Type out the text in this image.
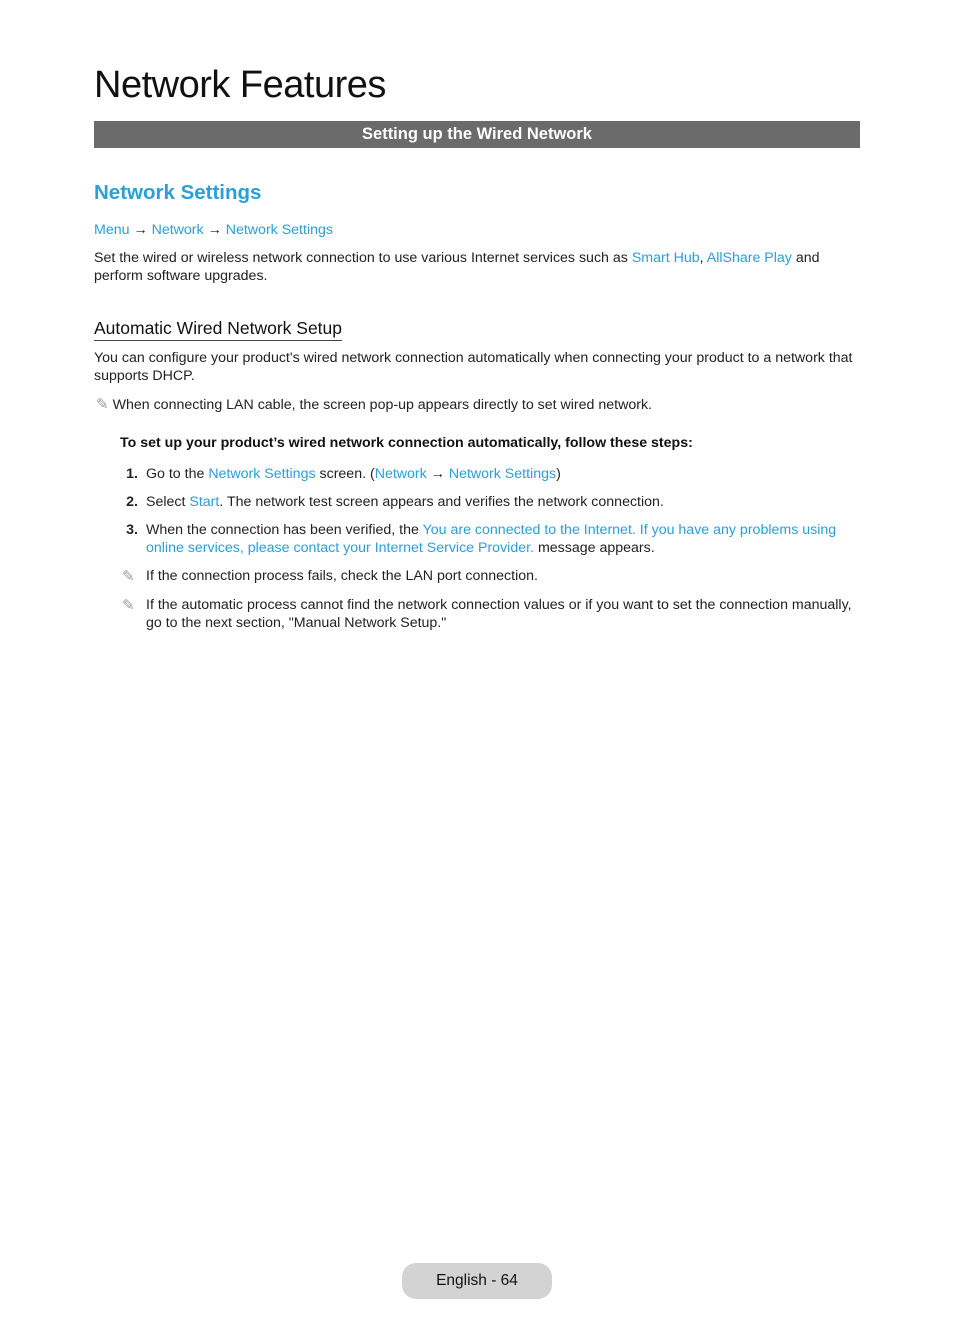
Network Features
Setting up the Wired Network
Network Settings
Menu → Network → Network Settings
Set the wired or wireless network connection to use various Internet services such as Smart Hub, AllShare Play and perform software upgrades.
Automatic Wired Network Setup
You can configure your product's wired network connection automatically when connecting your product to a network that supports DHCP.
✎ When connecting LAN cable, the screen pop-up appears directly to set wired network.
To set up your product’s wired network connection automatically, follow these steps:
1. Go to the Network Settings screen. (Network → Network Settings)
2. Select Start. The network test screen appears and verifies the network connection.
3. When the connection has been verified, the You are connected to the Internet. If you have any problems using online services, please contact your Internet Service Provider. message appears.
✎ If the connection process fails, check the LAN port connection.
✎ If the automatic process cannot find the network connection values or if you want to set the connection manually, go to the next section, "Manual Network Setup."
English - 64
